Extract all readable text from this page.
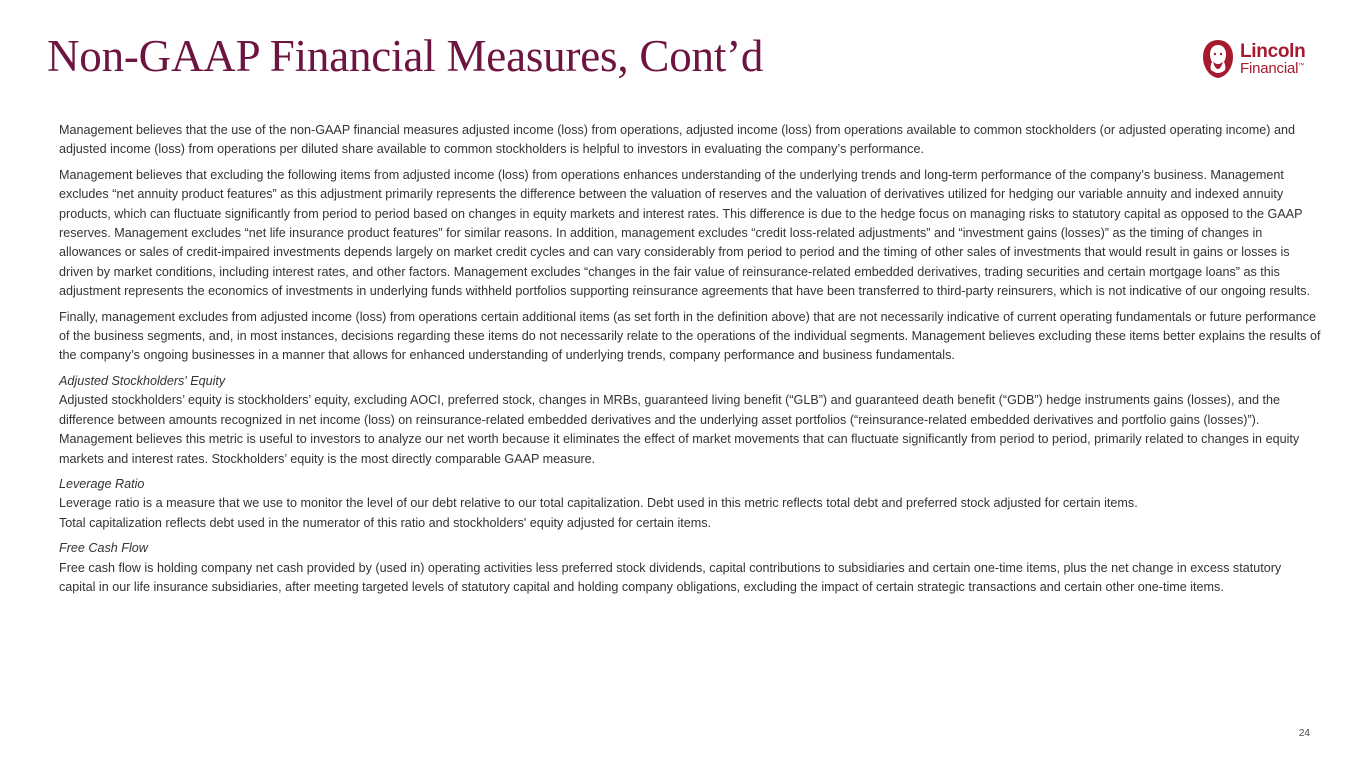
Non-GAAP Financial Measures, Cont’d	Lincoln
Financial™

Management believes that the use of the non-GAAP financial measures adjusted income (loss) from operations, adjusted income (loss) from operations available to common stockholders (or adjusted operating income) and adjusted income (loss) from operations per diluted share available to common stockholders is helpful to investors in evaluating the company’s performance.

Management believes that excluding the following items from adjusted income (loss) from operations enhances understanding of the underlying trends and long-term performance of the company’s business. Management excludes “net annuity product features” as this adjustment primarily represents the difference between the valuation of reserves and the valuation of derivatives utilized for hedging our variable annuity and indexed annuity products, which can fluctuate significantly from period to period based on changes in equity markets and interest rates. This difference is due to the hedge focus on managing risks to statutory capital as opposed to the GAAP reserves. Management excludes “net life insurance product features” for similar reasons. In addition, management excludes “credit loss-related adjustments” and “investment gains (losses)” as the timing of changes in allowances or sales of credit-impaired investments depends largely on market credit cycles and can vary considerably from period to period and the timing of other sales of investments that would result in gains or losses is driven by market conditions, including interest rates, and other factors. Management excludes “changes in the fair value of reinsurance-related embedded derivatives, trading securities and certain mortgage loans” as this adjustment represents the economics of investments in underlying funds withheld portfolios supporting reinsurance agreements that have been transferred to third-party reinsurers, which is not indicative of our ongoing results.

Finally, management excludes from adjusted income (loss) from operations certain additional items (as set forth in the definition above) that are not necessarily indicative of current operating fundamentals or future performance of the business segments, and, in most instances, decisions regarding these items do not necessarily relate to the operations of the individual segments. Management believes excluding these items better explains the results of the company’s ongoing businesses in a manner that allows for enhanced understanding of underlying trends, company performance and business fundamentals.

Adjusted Stockholders' Equity

Adjusted stockholders’ equity is stockholders’ equity, excluding AOCI, preferred stock, changes in MRBs, guaranteed living benefit (“GLB”) and guaranteed death benefit (“GDB”) hedge instruments gains (losses), and the difference between amounts recognized in net income (loss) on reinsurance-related embedded derivatives and the underlying asset portfolios (“reinsurance-related embedded derivatives and portfolio gains (losses)”). Management believes this metric is useful to investors to analyze our net worth because it eliminates the effect of market movements that can fluctuate significantly from period to period, primarily related to changes in equity markets and interest rates. Stockholders’ equity is the most directly comparable GAAP measure.

Leverage Ratio
Leverage ratio is a measure that we use to monitor the level of our debt relative to our total capitalization. Debt used in this metric reflects total debt and preferred stock adjusted for certain items.

Total capitalization reflects debt used in the numerator of this ratio and stockholders' equity adjusted for certain items.

Free Cash Flow

Free cash flow is holding company net cash provided by (used in) operating activities less preferred stock dividends, capital contributions to subsidiaries and certain one-time items, plus the net change in excess statutory capital in our life insurance subsidiaries, after meeting targeted levels of statutory capital and holding company obligations, excluding the impact of certain strategic transactions and certain other one-time items.

24
